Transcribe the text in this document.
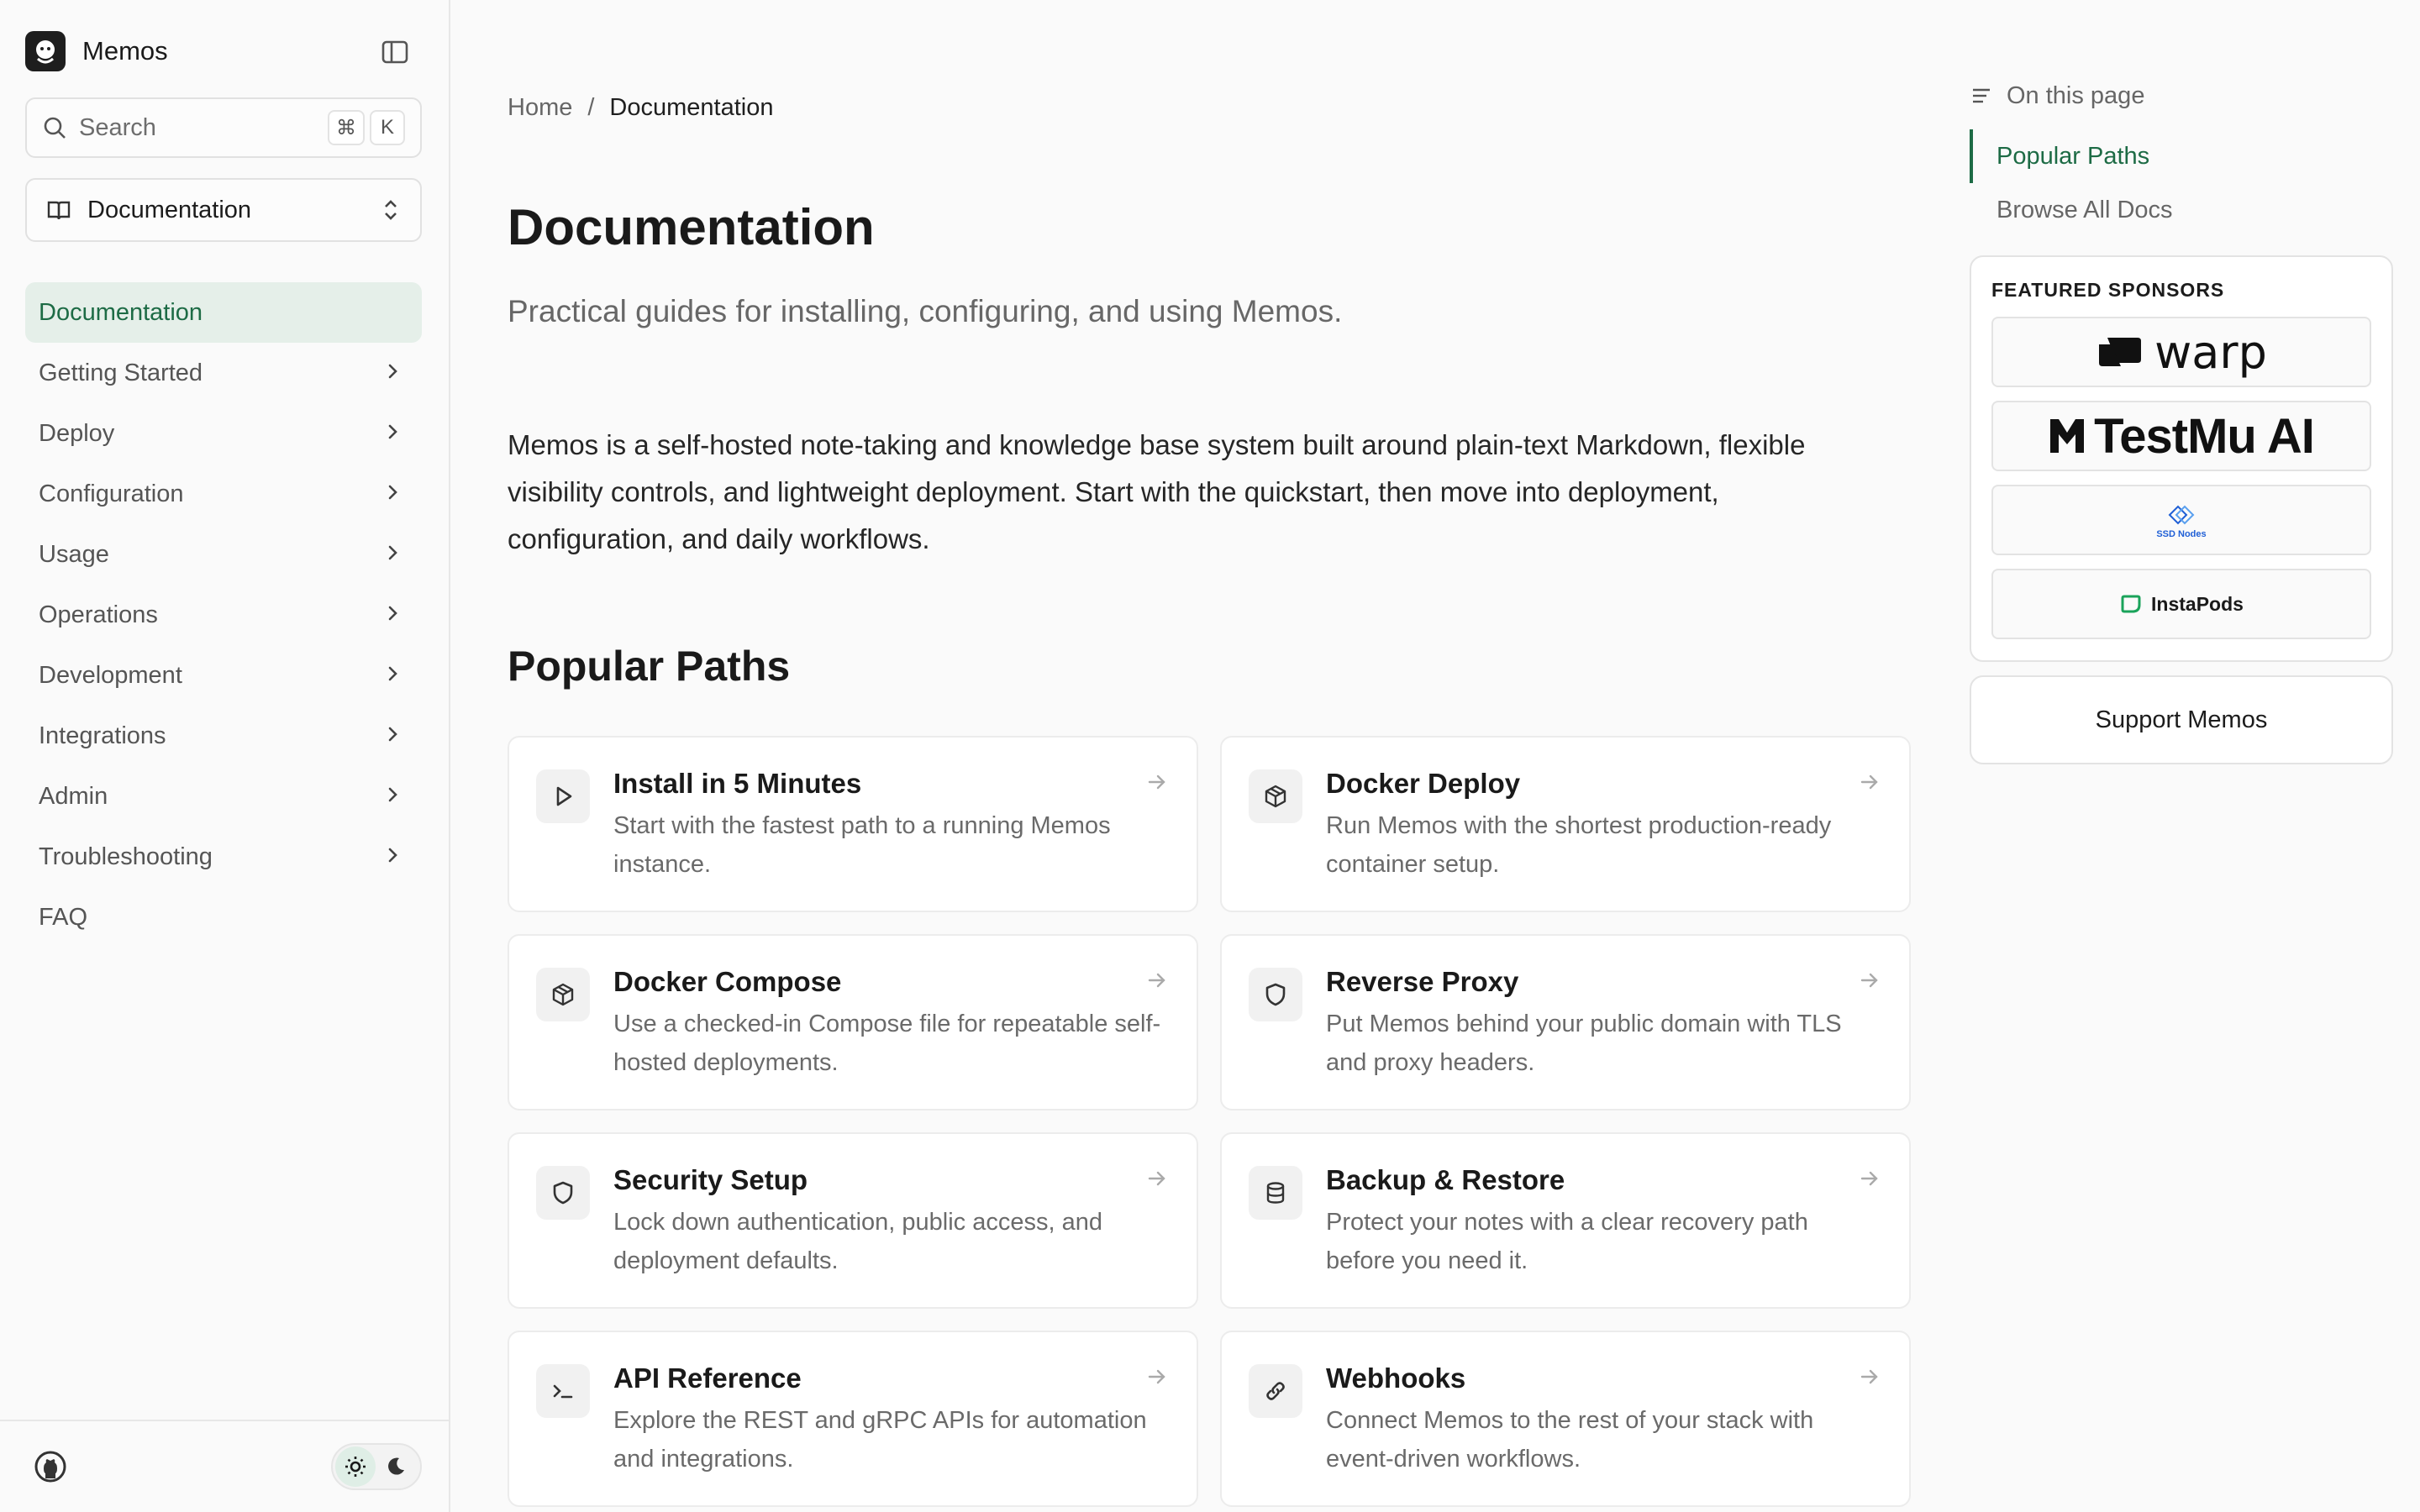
Memos
Search	⌘	K
Documentation
Documentation
Getting Started
Deploy
Configuration
Usage
Operations
Development
Integrations
Admin
Troubleshooting
FAQ
Home / Documentation
Documentation

Practical guides for installing, configuring, and using Memos.

Memos is a self-hosted note-taking and knowledge base system built around plain-text Markdown, flexible visibility controls, and lightweight deployment. Start with the quickstart, then move into deployment, configuration, and daily workflows.

Popular Paths
Install in 5 Minutes
Start with the fastest path to a running Memos instance.
Docker Deploy
Run Memos with the shortest production-ready container setup.
Docker Compose
Use a checked-in Compose file for repeatable self-hosted deployments.
Reverse Proxy
Put Memos behind your public domain with TLS and proxy headers.
Security Setup
Lock down authentication, public access, and deployment defaults.
Backup & Restore
Protect your notes with a clear recovery path before you need it.
API Reference
Explore the REST and gRPC APIs for automation and integrations.
Webhooks
Connect Memos to the rest of your stack with event-driven workflows.
On this page
Popular Paths
Browse All Docs
FEATURED SPONSORS
warp
TestMu AI
SSD Nodes
InstaPods
Support Memos
